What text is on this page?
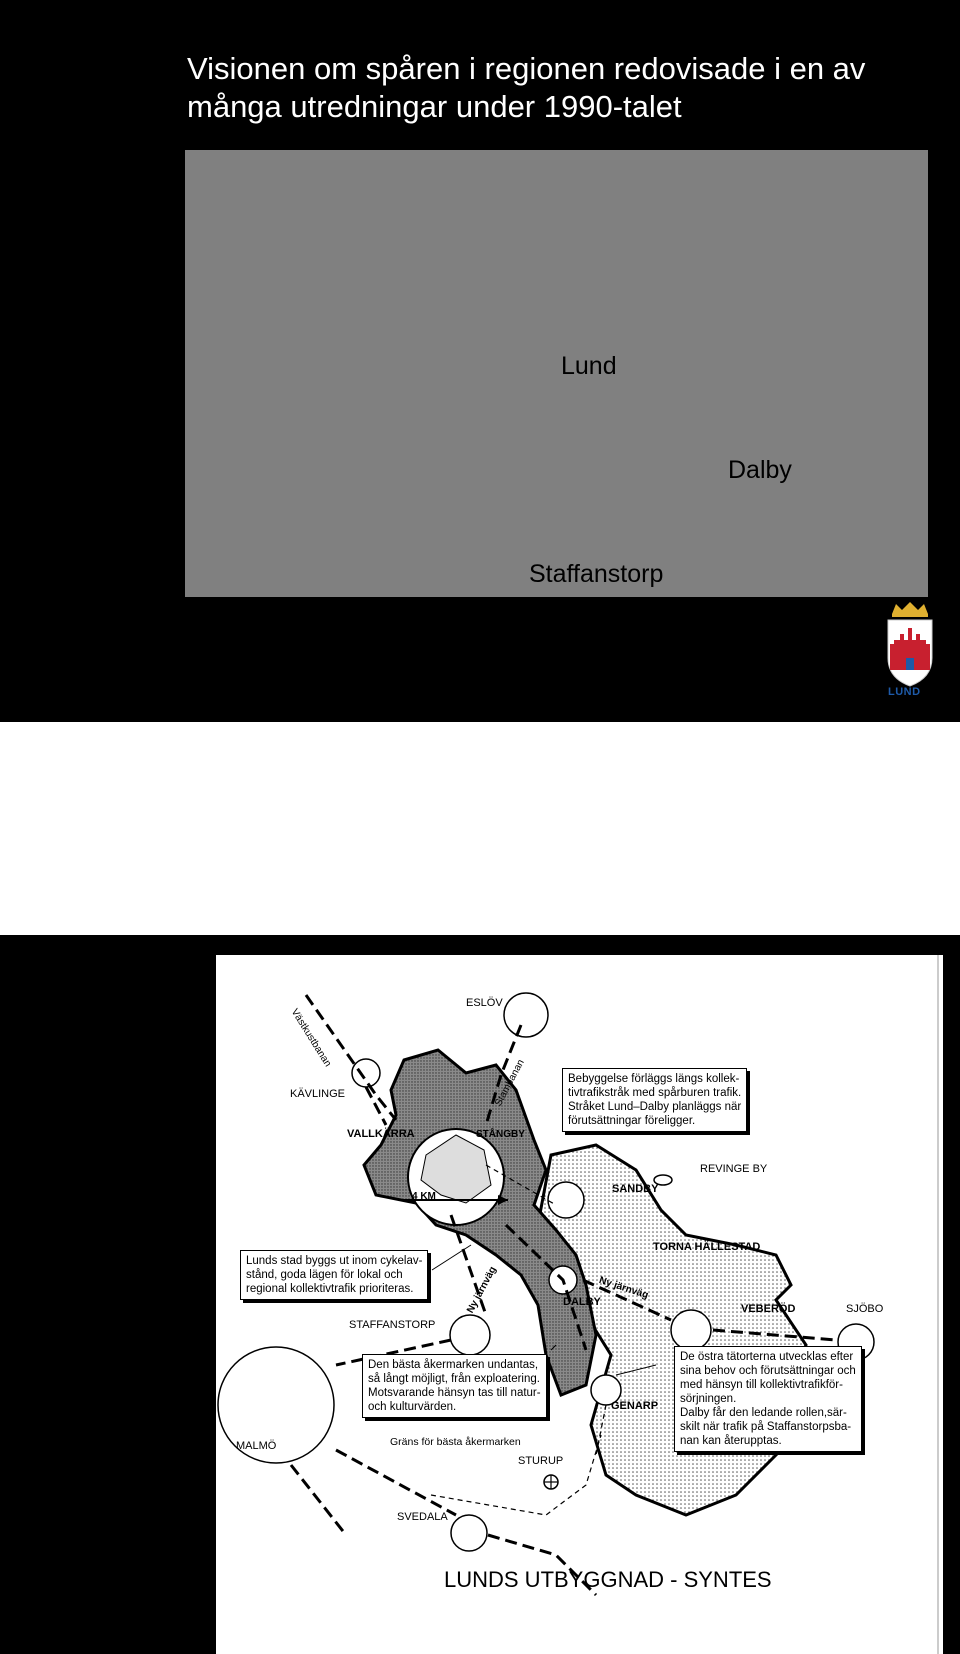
Visionen om spåren i regionen redovisade i en av
många utredningar under 1990-talet
Lund
Dalby
Staffanstorp
LUND
Västkustbanan
ESLÖV
Stambanan
KÄVLINGE
VALLKÄRRA	STÅNGBY
4 KM
SANDBY
REVINGE BY
TORNA HÄLLESTAD
Ny järnväg	Ny järnväg
DALBY
VEBERÖD	SJÖBO
STAFFANSTORP
GENARP
MALMÖ	Gräns för bästa åkermarken
STURUP
SVEDALA
Bebyggelse förläggs längs kollek-
tivtrafikstråk med spårburen trafik.
Stråket Lund–Dalby planläggs när
förutsättningar föreligger.
Lunds stad byggs ut inom cykelav-
stånd, goda lägen för lokal och
regional kollektivtrafik prioriteras.
Den bästa åkermarken undantas,
så långt möjligt, från exploatering.
Motsvarande hänsyn tas till natur-
och kulturvärden.
De östra tätorterna utvecklas efter
sina behov och förutsättningar och
med hänsyn till kollektivtrafikför-
sörjningen.
Dalby får den ledande rollen,sär-
skilt när trafik på Staffanstorpsba-
nan kan återupptas.
LUNDS UTBYGGNAD - SYNTES
